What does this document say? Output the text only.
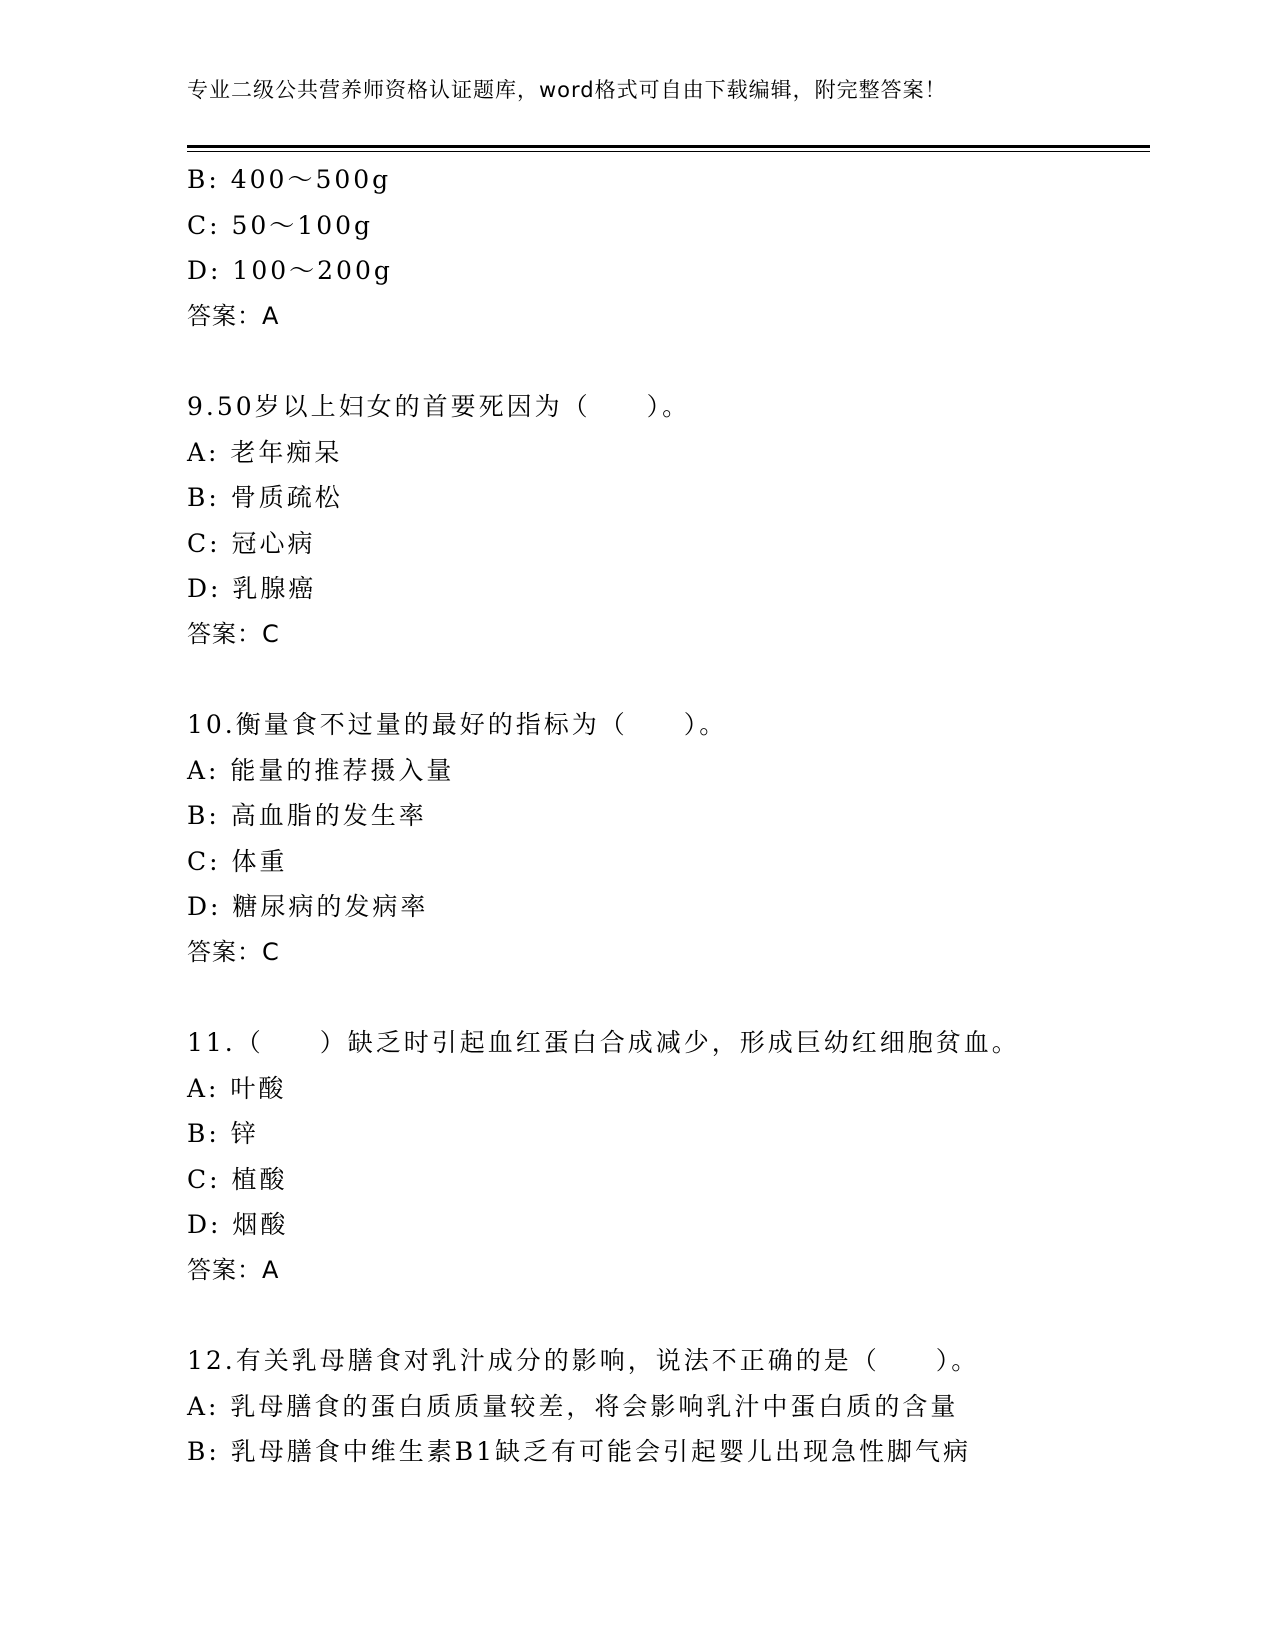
专业二级公共营养师资格认证题库，word格式可自由下载编辑，附完整答案！
B: 400～500g
C: 50～100g
D: 100～200g
答案：A
9.50岁以上妇女的首要死因为（　　）。
A: 老年痴呆
B: 骨质疏松
C: 冠心病
D: 乳腺癌
答案：C
10.衡量食不过量的最好的指标为（　　）。
A: 能量的推荐摄入量
B: 高血脂的发生率
C: 体重
D: 糖尿病的发病率
答案：C
11.（　　）缺乏时引起血红蛋白合成减少，形成巨幼红细胞贫血。
A: 叶酸
B: 锌
C: 植酸
D: 烟酸
答案：A
12.有关乳母膳食对乳汁成分的影响，说法不正确的是（　　）。
A: 乳母膳食的蛋白质质量较差，将会影响乳汁中蛋白质的含量
B: 乳母膳食中维生素B1缺乏有可能会引起婴儿出现急性脚气病
